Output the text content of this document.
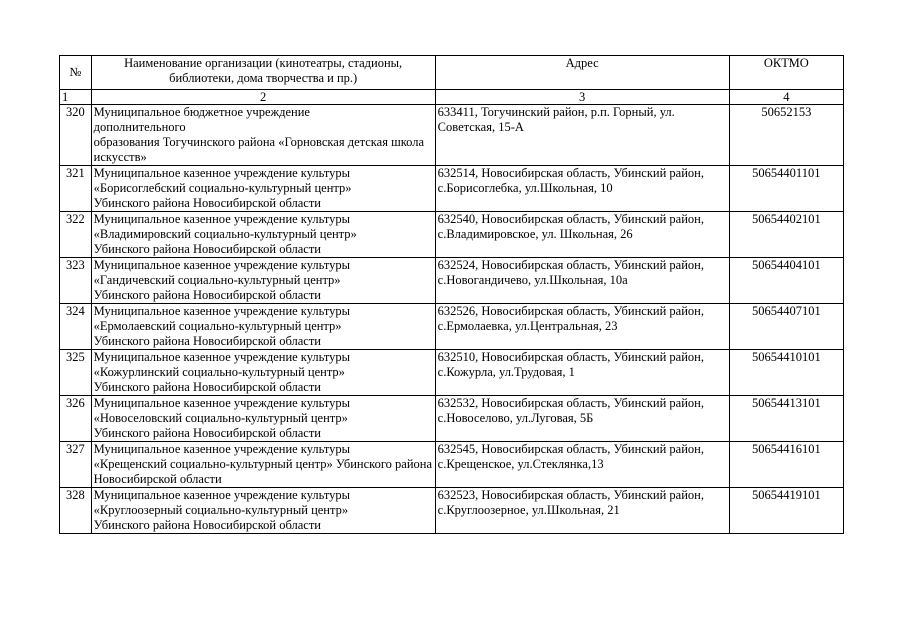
№	Наименование организации (кинотеатры, стадионы, библиотеки, дома творчества и пр.)	Адрес	ОКТМО
1	2	3	4
320	Муниципальное бюджетное учреждение
дополнительного
образования Тогучинского района «Горновская детская школа искусств»	633411, Тогучинский район, р.п. Горный, ул. Советская, 15-А	50652153
321	Муниципальное казенное учреждение культуры
«Борисоглебский социально-культурный центр»
Убинского района Новосибирской области	632514, Новосибирская область, Убинский район, с.Борисоглебка, ул.Школьная, 10	50654401101
322	Муниципальное казенное учреждение культуры
«Владимировский социально-культурный центр»
Убинского района Новосибирской области	632540, Новосибирская область, Убинский район, с.Владимировское, ул. Школьная, 26	50654402101
323	Муниципальное казенное учреждение культуры
«Гандичевский социально-культурный центр»
Убинского района Новосибирской области	632524, Новосибирская область, Убинский район, с.Новогандичево, ул.Школьная, 10а	50654404101
324	Муниципальное казенное учреждение культуры
«Ермолаевский социально-культурный центр»
Убинского района Новосибирской области	632526, Новосибирская область, Убинский район, с.Ермолаевка, ул.Центральная, 23	50654407101
325	Муниципальное казенное учреждение культуры
«Кожурлинский социально-культурный центр»
Убинского района Новосибирской области	632510, Новосибирская область, Убинский район, с.Кожурла, ул.Трудовая, 1	50654410101
326	Муниципальное казенное учреждение культуры
«Новоселовский социально-культурный центр»
Убинского района Новосибирской области	632532, Новосибирская область, Убинский район, с.Новоселово, ул.Луговая, 5Б	50654413101
327	Муниципальное казенное учреждение культуры
«Крещенский социально-культурный центр» Убинского района Новосибирской области	632545, Новосибирская область, Убинский район, с.Крещенское, ул.Стеклянка,13	50654416101
328	Муниципальное казенное учреждение культуры
«Круглоозерный социально-культурный центр»
Убинского района Новосибирской области	632523, Новосибирская область, Убинский район, с.Круглоозерное, ул.Школьная, 21	50654419101
